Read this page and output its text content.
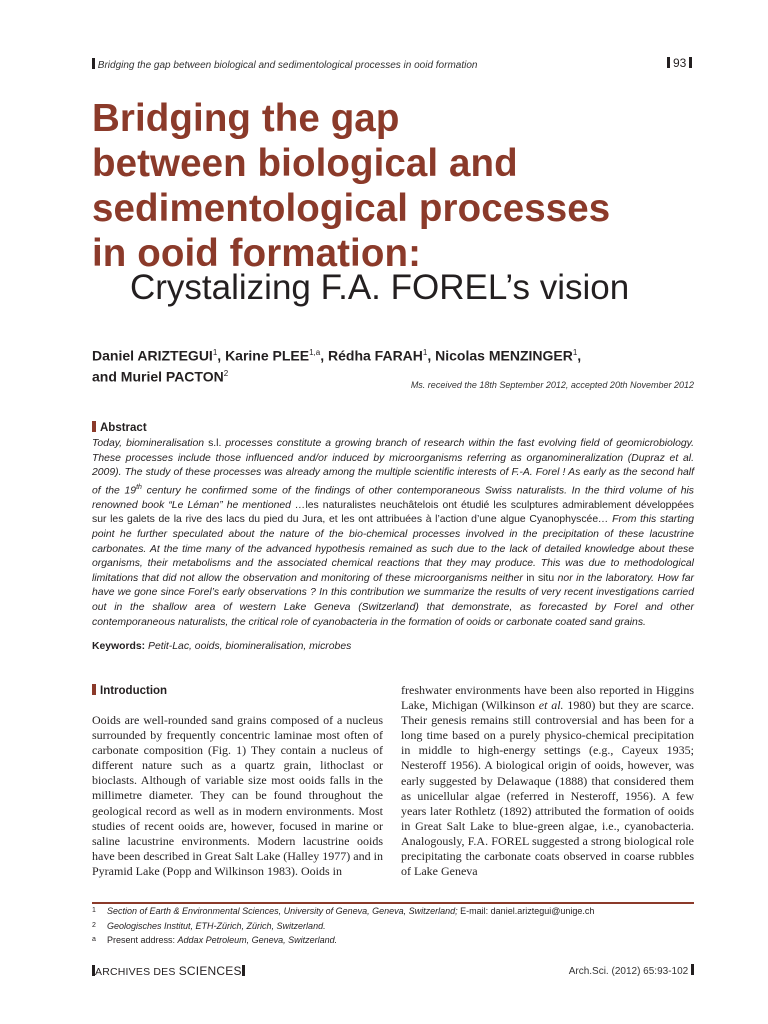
Bridging the gap between biological and sedimentological processes in ooid formation	93
Bridging the gap
between biological and
sedimentological processes
in ooid formation:
Crystalizing F.A. FOREL’s vision
Daniel ARIZTEGUI$^1$, Karine PLEE$^{1,a}$, Rédha FARAH$^1$, Nicolas MENZINGER$^1$,
and Muriel PACTON$^2$
Ms. received the 18th September 2012, accepted 20th November 2012
Abstract
Today, biomineralisation s.l. processes constitute a growing branch of research within the fast evolving field of geomicrobiology. These processes include those influenced and/or induced by microorganisms referring as organomineralization (Dupraz et al. 2009). The study of these processes was already among the multiple scientific interests of F.-A. Forel ! As early as the second half of the 19th century he confirmed some of the findings of other contemporaneous Swiss naturalists. In the third volume of his renowned book “Le Léman” he mentioned …les naturalistes neuchâtelois ont étudié les sculptures admirablement développées sur les galets de la rive des lacs du pied du Jura, et les ont attribuées à l’action d’une algue Cyanophyscée… From this starting point he further speculated about the nature of the bio-chemical processes involved in the precipitation of these lacustrine carbonates. At the time many of the advanced hypothesis remained as such due to the lack of detailed knowledge about these organisms, their metabolisms and the associated chemical reactions that they may produce. This was due to methodological limitations that did not allow the observation and monitoring of these microorganisms neither in situ nor in the laboratory. How far have we gone since Forel’s early observations ? In this contribution we summarize the results of very recent investigations carried out in the shallow area of western Lake Geneva (Switzerland) that demonstrate, as forecasted by Forel and other contemporaneous naturalists, the critical role of cyanobacteria in the formation of ooids or carbonate coated sand grains.
Keywords: Petit-Lac, ooids, biomineralisation, microbes
Introduction
Ooids are well-rounded sand grains composed of a nucleus surrounded by frequently concentric laminae most often of carbonate composition (Fig. 1) They contain a nucleus of different nature such as a quartz grain, lithoclast or bioclasts. Although of variable size most ooids falls in the millimetre diameter. They can be found throughout the geological record as well as in modern environments. Most studies of recent ooids are, however, focused in marine or saline lacustrine environments. Modern lacustrine ooids have been described in Great Salt Lake (Halley 1977) and in Pyramid Lake (Popp and Wilkinson 1983). Ooids in
freshwater environments have been also reported in Higgins Lake, Michigan (Wilkinson et al. 1980) but they are scarce. Their genesis remains still controversial and has been for a long time based on a purely physico-chemical precipitation in middle to high-energy settings (e.g., Cayeux 1935; Nesteroff 1956). A biological origin of ooids, however, was early suggested by Delawaque (1888) that considered them as unicellular algae (referred in Nesteroff, 1956). A few years later Rothletz (1892) attributed the formation of ooids in Great Salt Lake to blue-green algae, i.e., cyanobacteria. Analogously, F.A. FOREL suggested a strong biological role precipitating the carbonate coats observed in coarse rubbles of Lake Geneva
1 Section of Earth & Environmental Sciences, University of Geneva, Geneva, Switzerland; E-mail: daniel.ariztegui@unige.ch
2 Geologisches Institut, ETH-Zürich, Zürich, Switzerland.
a Present address: Addax Petroleum, Geneva, Switzerland.
ARCHIVES DES SCIENCES	Arch.Sci. (2012) 65:93-102
